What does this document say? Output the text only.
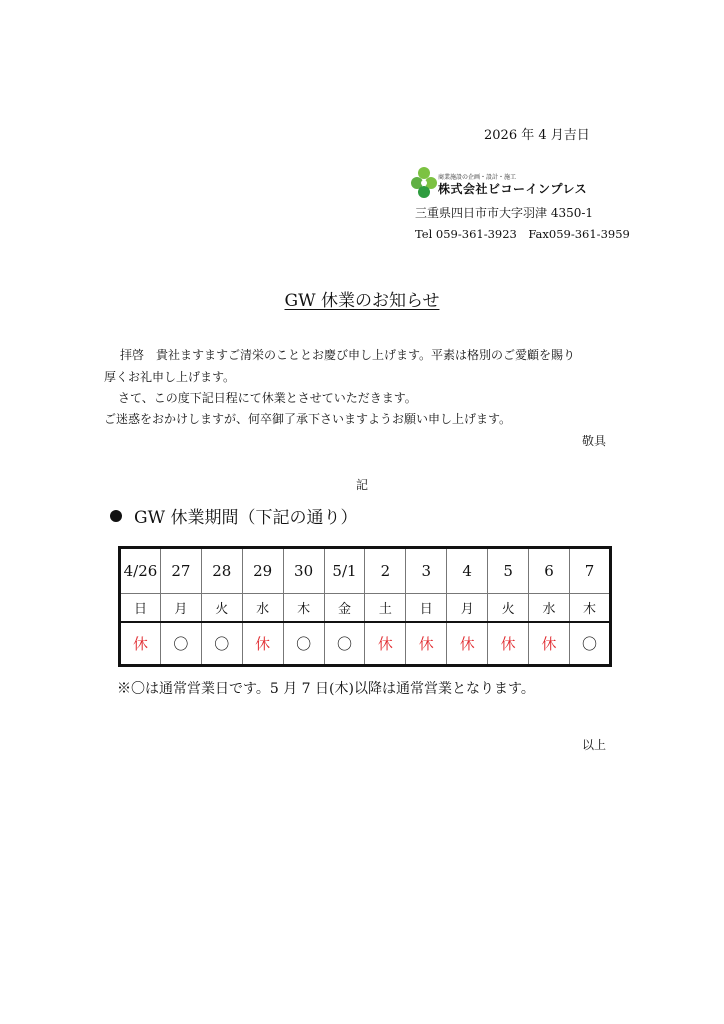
2026 年 4 月吉日
商業施設の企画・設計・施工
株式会社ビコーインプレス
三重県四日市市大字羽津 4350-1
Tel 059-361-3923　Fax059-361-3959
GW 休業のお知らせ
拝啓　貴社ますますご清栄のこととお慶び申し上げます。平素は格別のご愛顧を賜り
厚くお礼申し上げます。
さて、この度下記日程にて休業とさせていただきます。
ご迷惑をおかけしますが、何卒御了承下さいますようお願い申し上げます。
敬具
記
GW 休業期間（下記の通り）
4/26	27	28	29	30	5/1	2	3	4	5	6	7
日	月	火	水	木	金	土	日	月	火	水	木
休	〇	〇	休	〇	〇	休	休	休	休	休	〇
※〇は通常営業日です。5 月 7 日(木)以降は通常営業となります。
以上
